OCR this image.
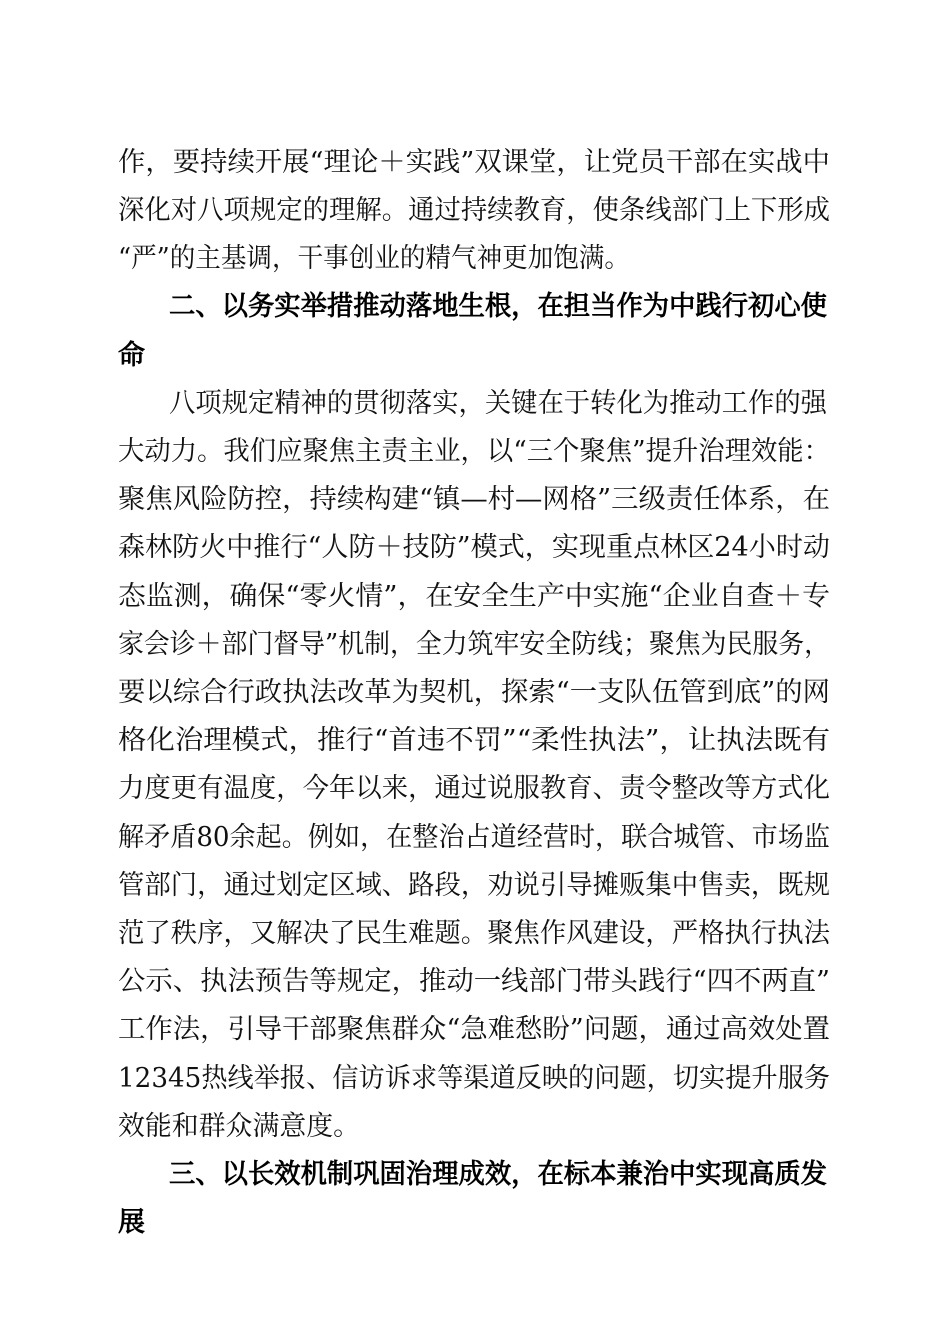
作，要持续开展“理论＋实践”双课堂，让党员干部在实战中
深化对八项规定的理解。通过持续教育，使条线部门上下形成
“严”的主基调，干事创业的精气神更加饱满。
二、以务实举措推动落地生根，在担当作为中践行初心使
命
八项规定精神的贯彻落实，关键在于转化为推动工作的强
大动力。我们应聚焦主责主业，以“三个聚焦”提升治理效能：
聚焦风险防控，持续构建“镇—村—网格”三级责任体系，在
森林防火中推行“人防＋技防”模式，实现重点林区24小时动
态监测，确保“零火情”，在安全生产中实施“企业自查＋专
家会诊＋部门督导”机制，全力筑牢安全防线；聚焦为民服务，
要以综合行政执法改革为契机，探索“一支队伍管到底”的网
格化治理模式，推行“首违不罚”“柔性执法”，让执法既有
力度更有温度，今年以来，通过说服教育、责令整改等方式化
解矛盾80余起。例如，在整治占道经营时，联合城管、市场监
管部门，通过划定区域、路段，劝说引导摊贩集中售卖，既规
范了秩序，又解决了民生难题。聚焦作风建设，严格执行执法
公示、执法预告等规定，推动一线部门带头践行“四不两直”
工作法，引导干部聚焦群众“急难愁盼”问题，通过高效处置
12345热线举报、信访诉求等渠道反映的问题，切实提升服务
效能和群众满意度。
三、以长效机制巩固治理成效，在标本兼治中实现高质发
展
